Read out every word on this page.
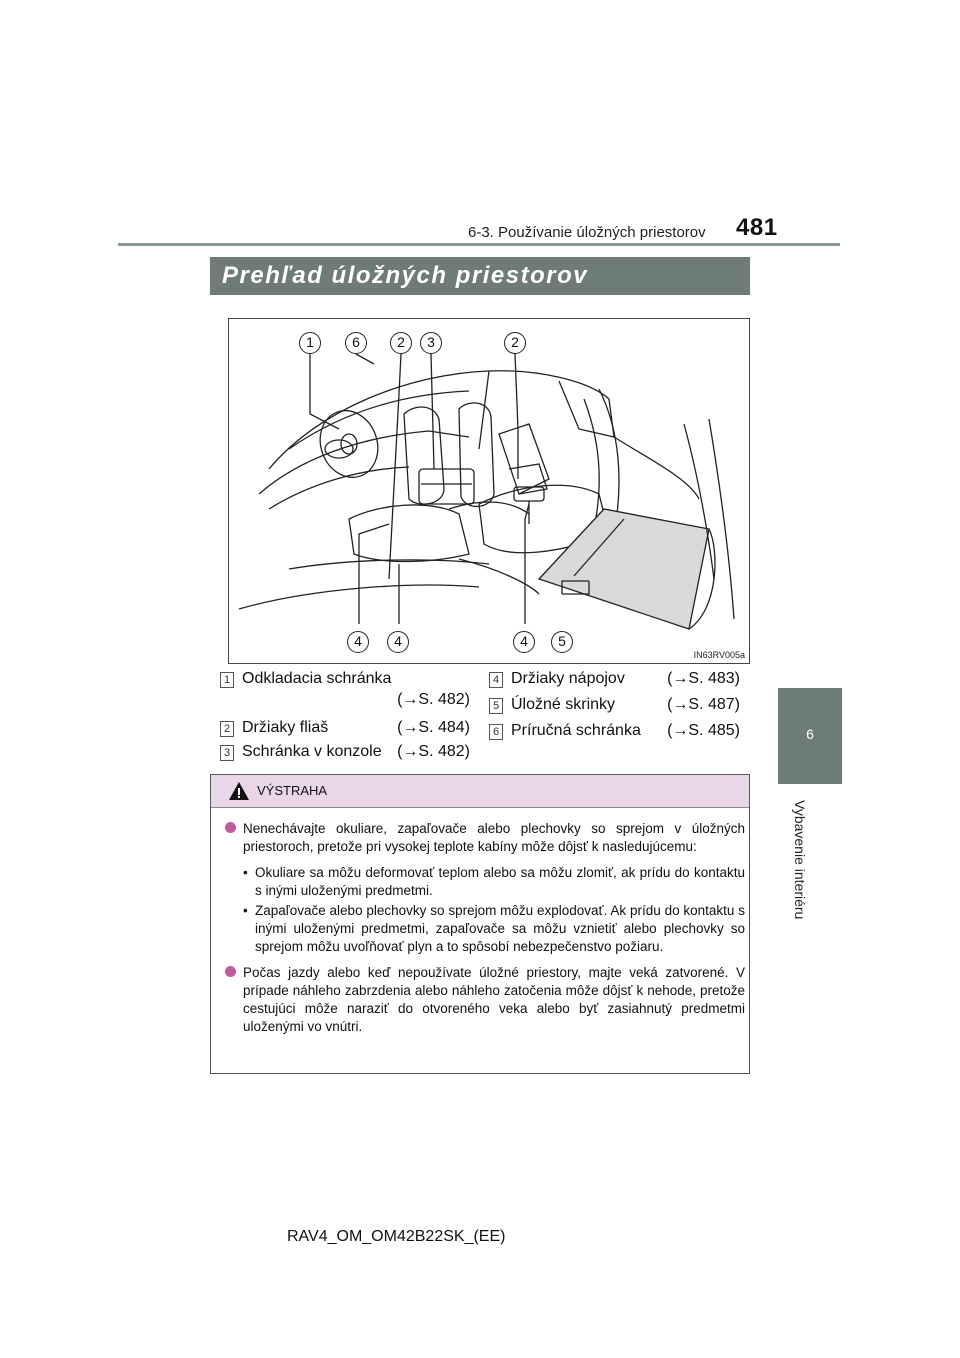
6-3. Používanie úložných priestorov 481
6
Vybavenie interiéru
Prehľad úložných priestorov
1	6	2	3	2
4	4	4	5
IN63RV005a
1 Odkladacia schránka
(→S. 482)
2 Držiaky fliaš	(→S. 484)
3 Schránka v konzole (→S. 482)
4 Držiaky nápojov	(→S. 483)
5 Úložné skrinky	(→S. 487)
6 Príručná schránka	(→S. 485)
VÝSTRAHA
Nenechávajte okuliare, zapaľovače alebo plechovky so sprejom v úložných priestoroch, pretože pri vysokej teplote kabíny môže dôjsť k nasledujúcemu:
• Okuliare sa môžu deformovať teplom alebo sa môžu zlomiť, ak prídu do kontaktu s inými uloženými predmetmi.
• Zapaľovače alebo plechovky so sprejom môžu explodovať. Ak prídu do kontaktu s inými uloženými predmetmi, zapaľovače sa môžu vznietiť alebo plechovky so sprejom môžu uvoľňovať plyn a to spôsobí nebezpečenstvo požiaru.
Počas jazdy alebo keď nepoužívate úložné priestory, majte veká zatvorené. V prípade náhleho zabrzdenia alebo náhleho zatočenia môže dôjsť k nehode, pretože cestujúci môže naraziť do otvoreného veka alebo byť zasiahnutý predmetmi uloženými vo vnútri.
RAV4_OM_OM42B22SK_(EE)
